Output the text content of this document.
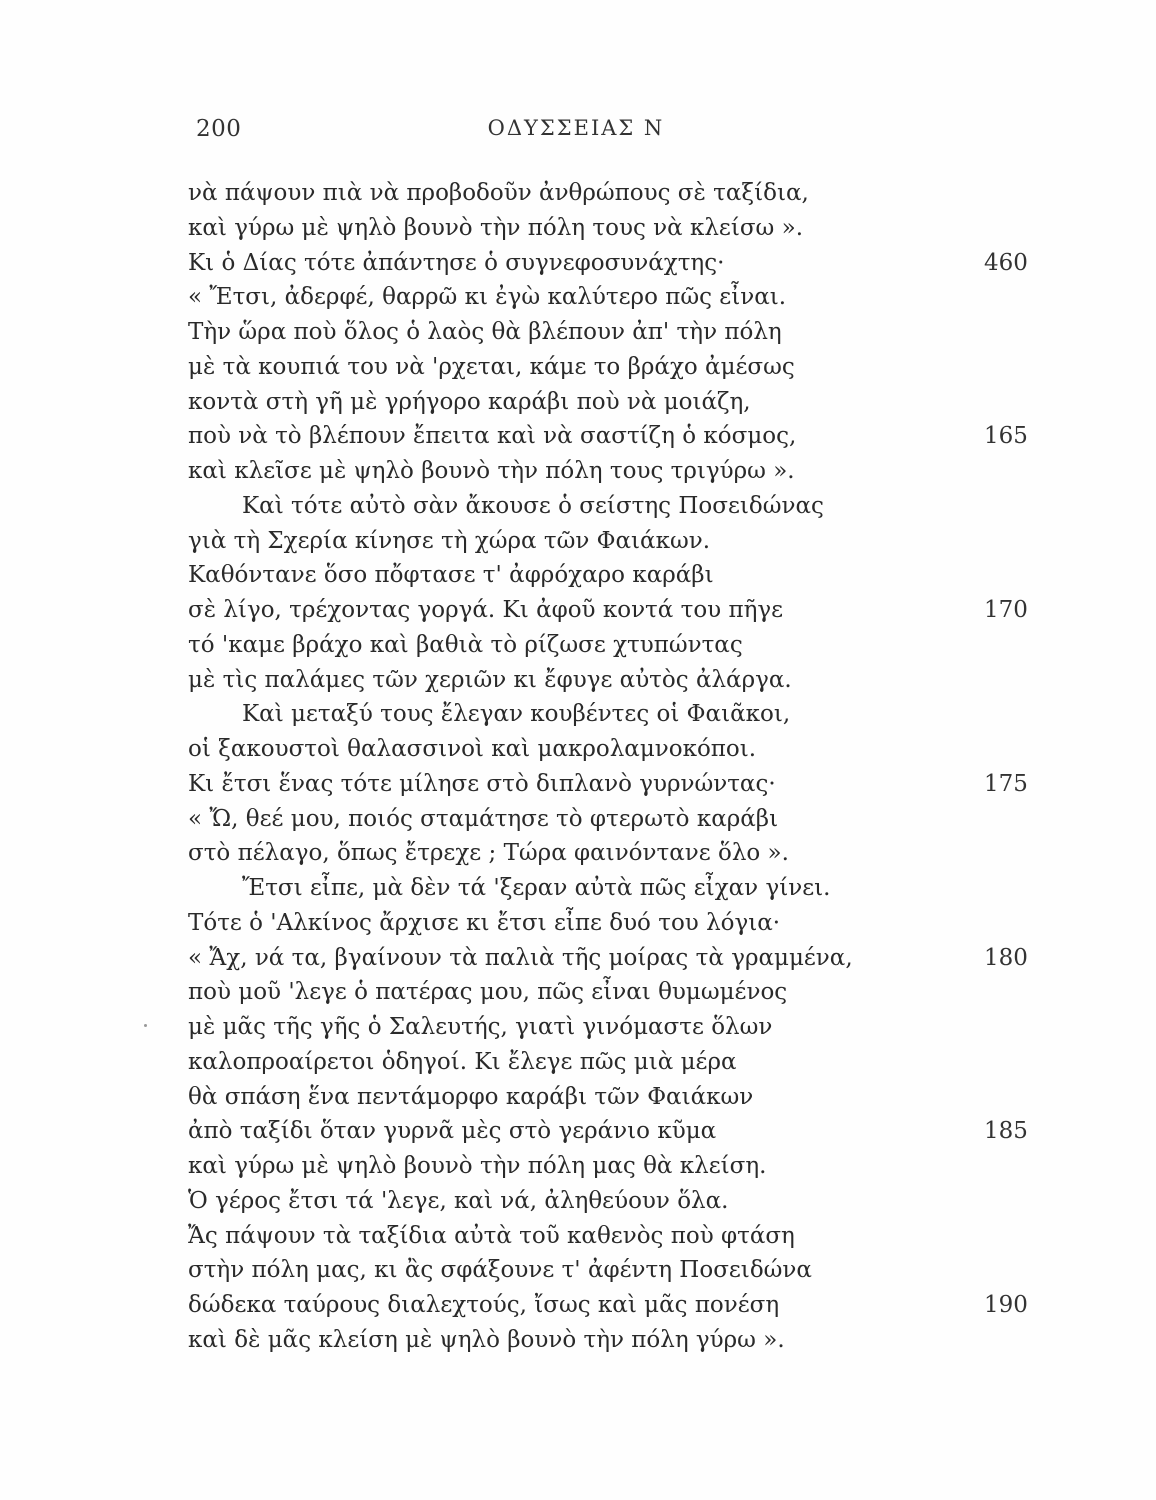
200	ΟΔΥΣΣΕΙΑΣ Ν
νὰ πάψουν πιὰ νὰ προβοδοῦν ἀνθρώπους σὲ ταξίδια,
καὶ γύρω μὲ ψηλὸ βουνὸ τὴν πόλη τους νὰ κλείσω ».
Κι ὁ Δίας τότε ἀπάντησε ὁ συγνεφοσυνάχτης·	460
« Ἔτσι, ἀδερφέ, θαρρῶ κι ἐγὼ καλύτερο πῶς εἶναι.
Τὴν ὥρα ποὺ ὅλος ὁ λαὸς θὰ βλέπουν ἀπ' τὴν πόλη
μὲ τὰ κουπιά του νὰ 'ρχεται, κάμε το βράχο ἀμέσως
κοντὰ στὴ γῆ μὲ γρήγορο καράβι ποὺ νὰ μοιάζη,
ποὺ νὰ τὸ βλέπουν ἔπειτα καὶ νὰ σαστίζη ὁ κόσμος,	165
καὶ κλεῖσε μὲ ψηλὸ βουνὸ τὴν πόλη τους τριγύρω ».
Καὶ τότε αὐτὸ σὰν ἄκουσε ὁ σείστης Ποσειδώνας
γιὰ τὴ Σχερία κίνησε τὴ χώρα τῶν Φαιάκων.
Καθόντανε ὅσο πὄφτασε τ' ἀφρόχαρο καράβι
σὲ λίγο, τρέχοντας γοργά. Κι ἀφοῦ κοντά του πῆγε	170
τό 'καμε βράχο καὶ βαθιὰ τὸ ρίζωσε χτυπώντας
μὲ τὶς παλάμες τῶν χεριῶν κι ἔφυγε αὐτὸς ἀλάργα.
Καὶ μεταξύ τους ἔλεγαν κουβέντες οἱ Φαιᾶκοι,
οἱ ξακουστοὶ θαλασσινοὶ καὶ μακρολαμνοκόποι.
Κι ἔτσι ἕνας τότε μίλησε στὸ διπλανὸ γυρνώντας·	175
« Ὤ, θεέ μου, ποιός σταμάτησε τὸ φτερωτὸ καράβι
στὸ πέλαγο, ὅπως ἔτρεχε ; Τώρα φαινόντανε ὅλο ».
Ἔτσι εἶπε, μὰ δὲν τά 'ξεραν αὐτὰ πῶς εἶχαν γίνει.
Τότε ὁ 'Αλκίνος ἄρχισε κι ἔτσι εἶπε δυό του λόγια·
« Ἄχ, νά τα, βγαίνουν τὰ παλιὰ τῆς μοίρας τὰ γραμμένα,	180
ποὺ μοῦ 'λεγε ὁ πατέρας μου, πῶς εἶναι θυμωμένος
μὲ μᾶς τῆς γῆς ὁ Σαλευτής, γιατὶ γινόμαστε ὅλων
καλοπροαίρετοι ὁδηγοί. Κι ἔλεγε πῶς μιὰ μέρα
θὰ σπάση ἕνα πεντάμορφο καράβι τῶν Φαιάκων
ἀπὸ ταξίδι ὅταν γυρνᾶ μὲς στὸ γεράνιο κῦμα	185
καὶ γύρω μὲ ψηλὸ βουνὸ τὴν πόλη μας θὰ κλείση.
Ὁ γέρος ἔτσι τά 'λεγε, καὶ νά, ἀληθεύουν ὅλα.
Ἄς πάψουν τὰ ταξίδια αὐτὰ τοῦ καθενὸς ποὺ φτάση
στὴν πόλη μας, κι ἂς σφάξουνε τ' ἀφέντη Ποσειδώνα
δώδεκα ταύρους διαλεχτούς, ἴσως καὶ μᾶς πονέση	190
καὶ δὲ μᾶς κλείση μὲ ψηλὸ βουνὸ τὴν πόλη γύρω ».
